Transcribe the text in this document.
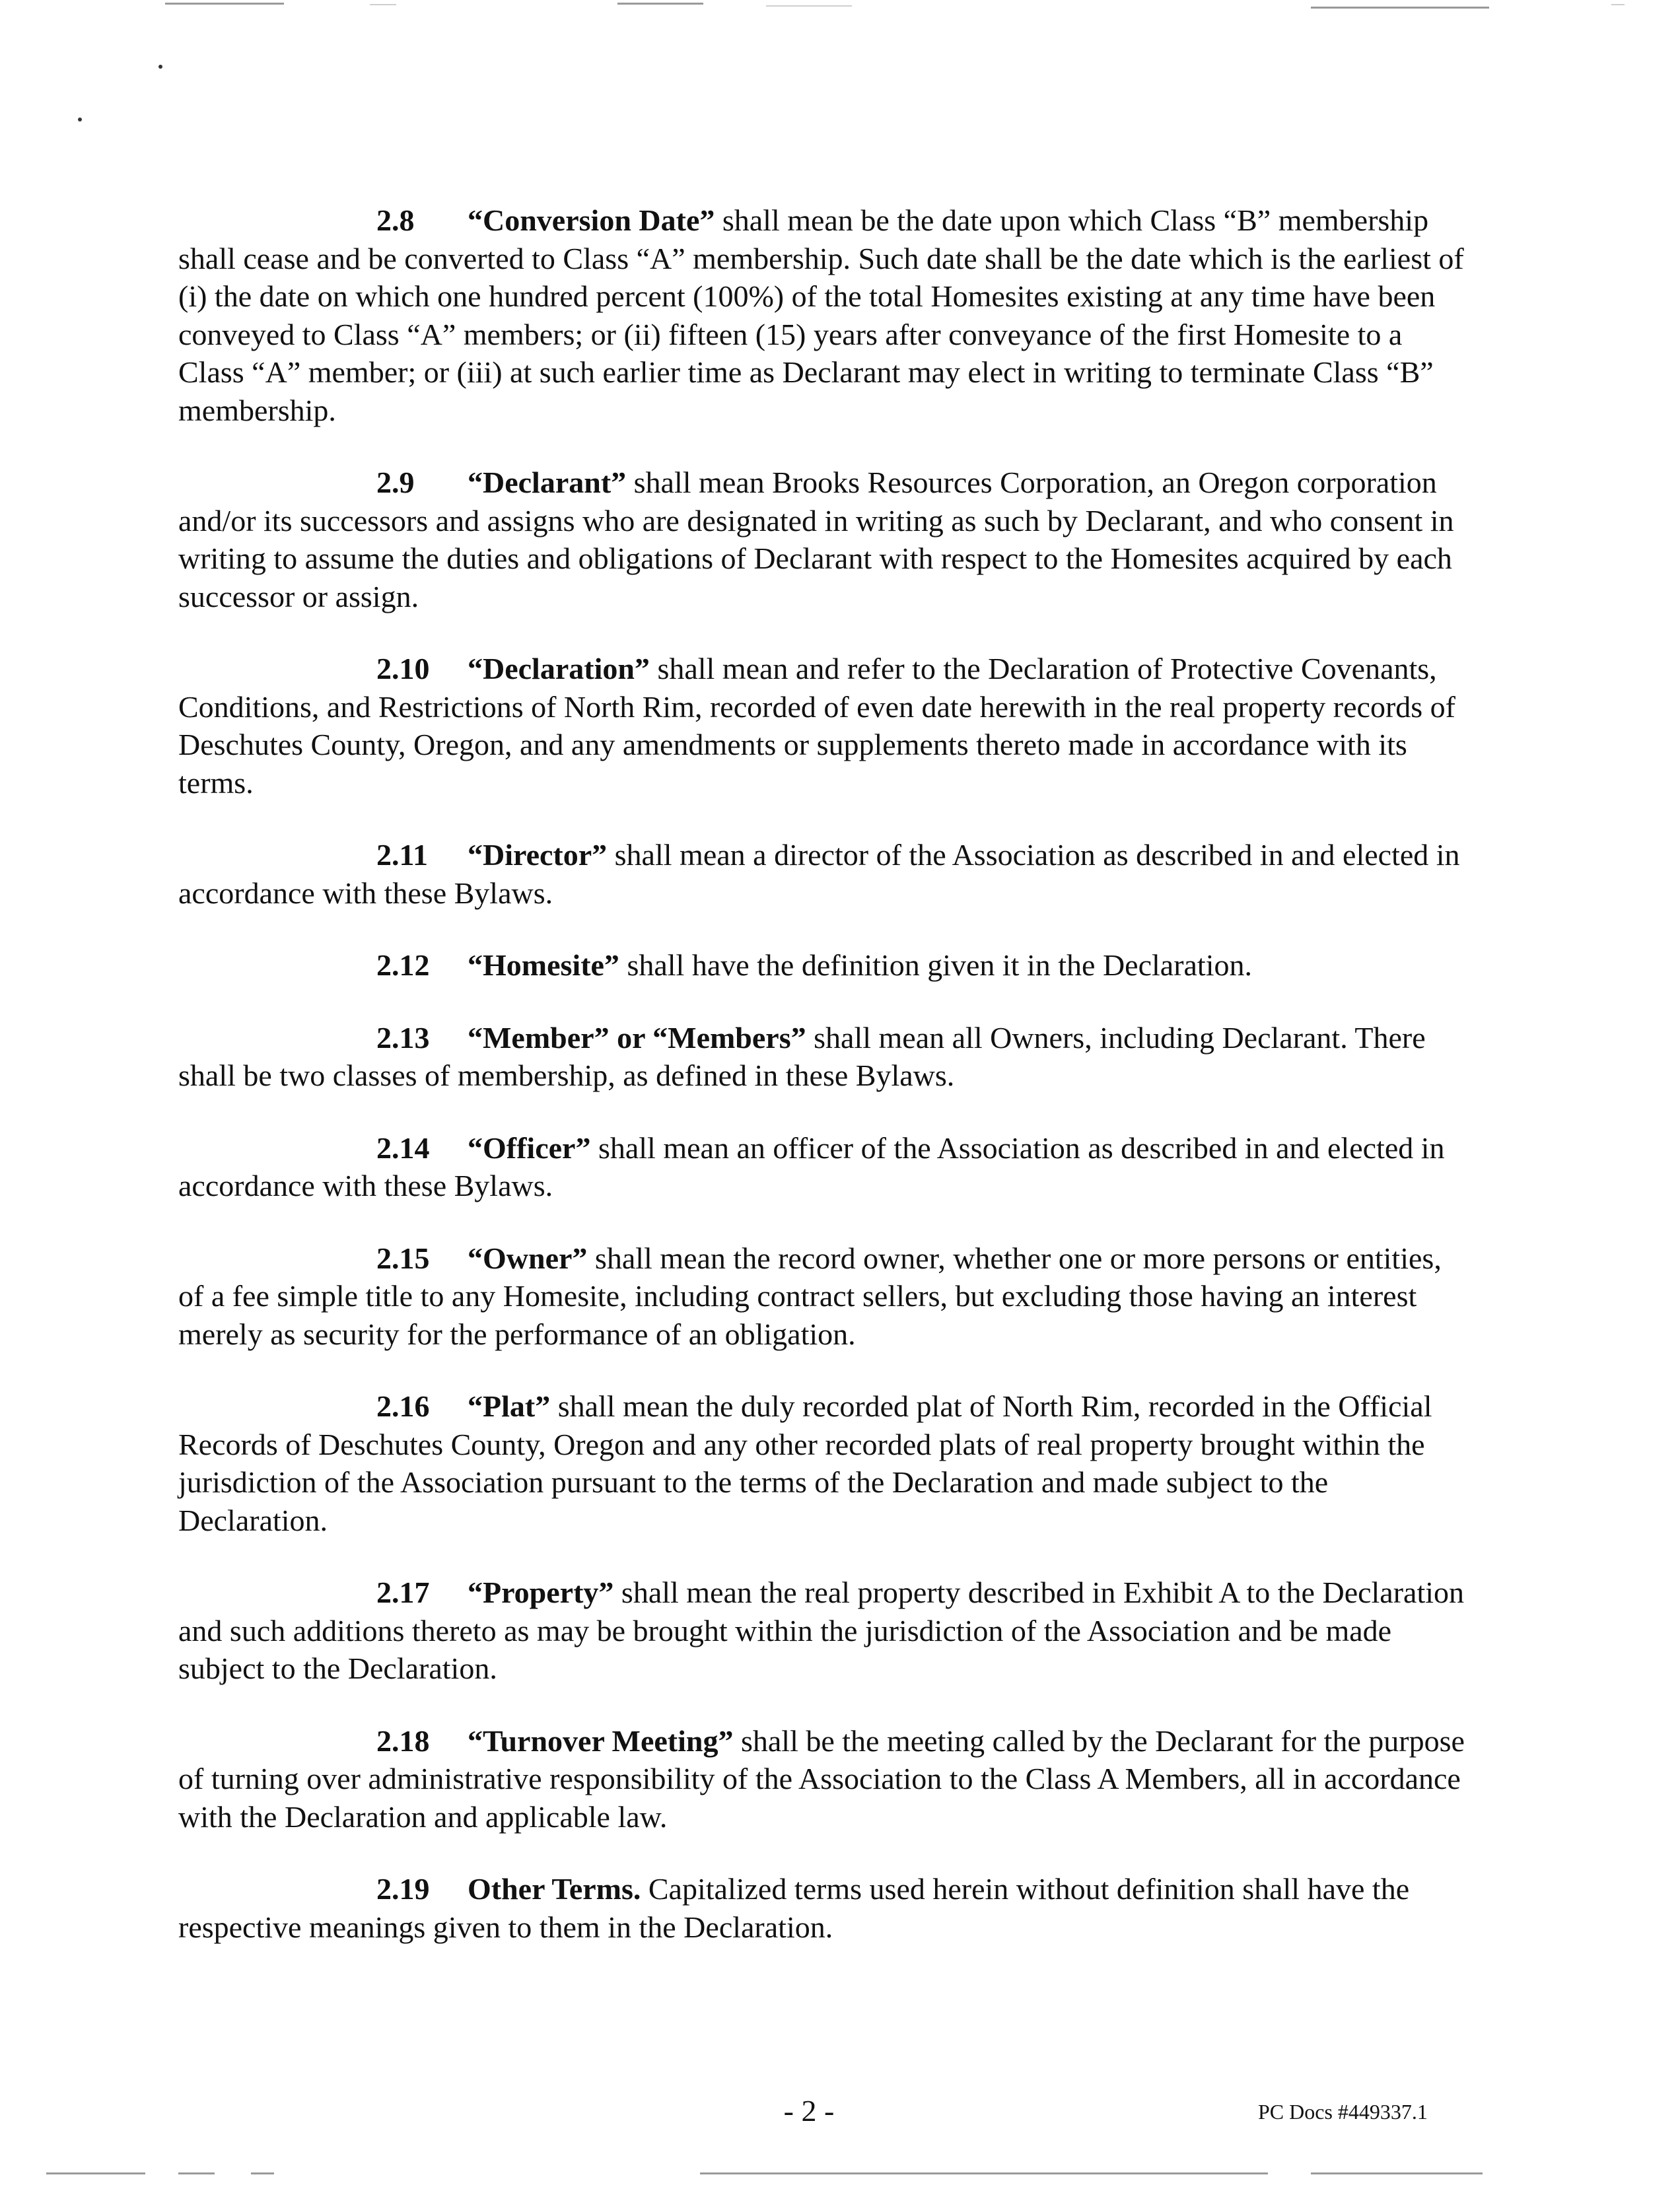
2.8 “Conversion Date” shall mean be the date upon which Class “B” membership shall cease and be converted to Class “A” membership. Such date shall be the date which is the earliest of (i) the date on which one hundred percent (100%) of the total Homesites existing at any time have been conveyed to Class “A” members; or (ii) fifteen (15) years after conveyance of the first Homesite to a Class “A” member; or (iii) at such earlier time as Declarant may elect in writing to terminate Class “B” membership.

2.9 “Declarant” shall mean Brooks Resources Corporation, an Oregon corporation and/or its successors and assigns who are designated in writing as such by Declarant, and who consent in writing to assume the duties and obligations of Declarant with respect to the Homesites acquired by each successor or assign.

2.10 “Declaration” shall mean and refer to the Declaration of Protective Covenants, Conditions, and Restrictions of North Rim, recorded of even date herewith in the real property records of Deschutes County, Oregon, and any amendments or supplements thereto made in accordance with its terms.

2.11 “Director” shall mean a director of the Association as described in and elected in accordance with these Bylaws.

2.12 “Homesite” shall have the definition given it in the Declaration.

2.13 “Member” or “Members” shall mean all Owners, including Declarant. There shall be two classes of membership, as defined in these Bylaws.

2.14 “Officer” shall mean an officer of the Association as described in and elected in accordance with these Bylaws.

2.15 “Owner” shall mean the record owner, whether one or more persons or entities, of a fee simple title to any Homesite, including contract sellers, but excluding those having an interest merely as security for the performance of an obligation.

2.16 “Plat” shall mean the duly recorded plat of North Rim, recorded in the Official Records of Deschutes County, Oregon and any other recorded plats of real property brought within the jurisdiction of the Association pursuant to the terms of the Declaration and made subject to the Declaration.

2.17 “Property” shall mean the real property described in Exhibit A to the Declaration and such additions thereto as may be brought within the jurisdiction of the Association and be made subject to the Declaration.

2.18 “Turnover Meeting” shall be the meeting called by the Declarant for the purpose of turning over administrative responsibility of the Association to the Class A Members, all in accordance with the Declaration and applicable law.

2.19 Other Terms. Capitalized terms used herein without definition shall have the respective meanings given to them in the Declaration.

- 2 -	PC Docs #449337.1
